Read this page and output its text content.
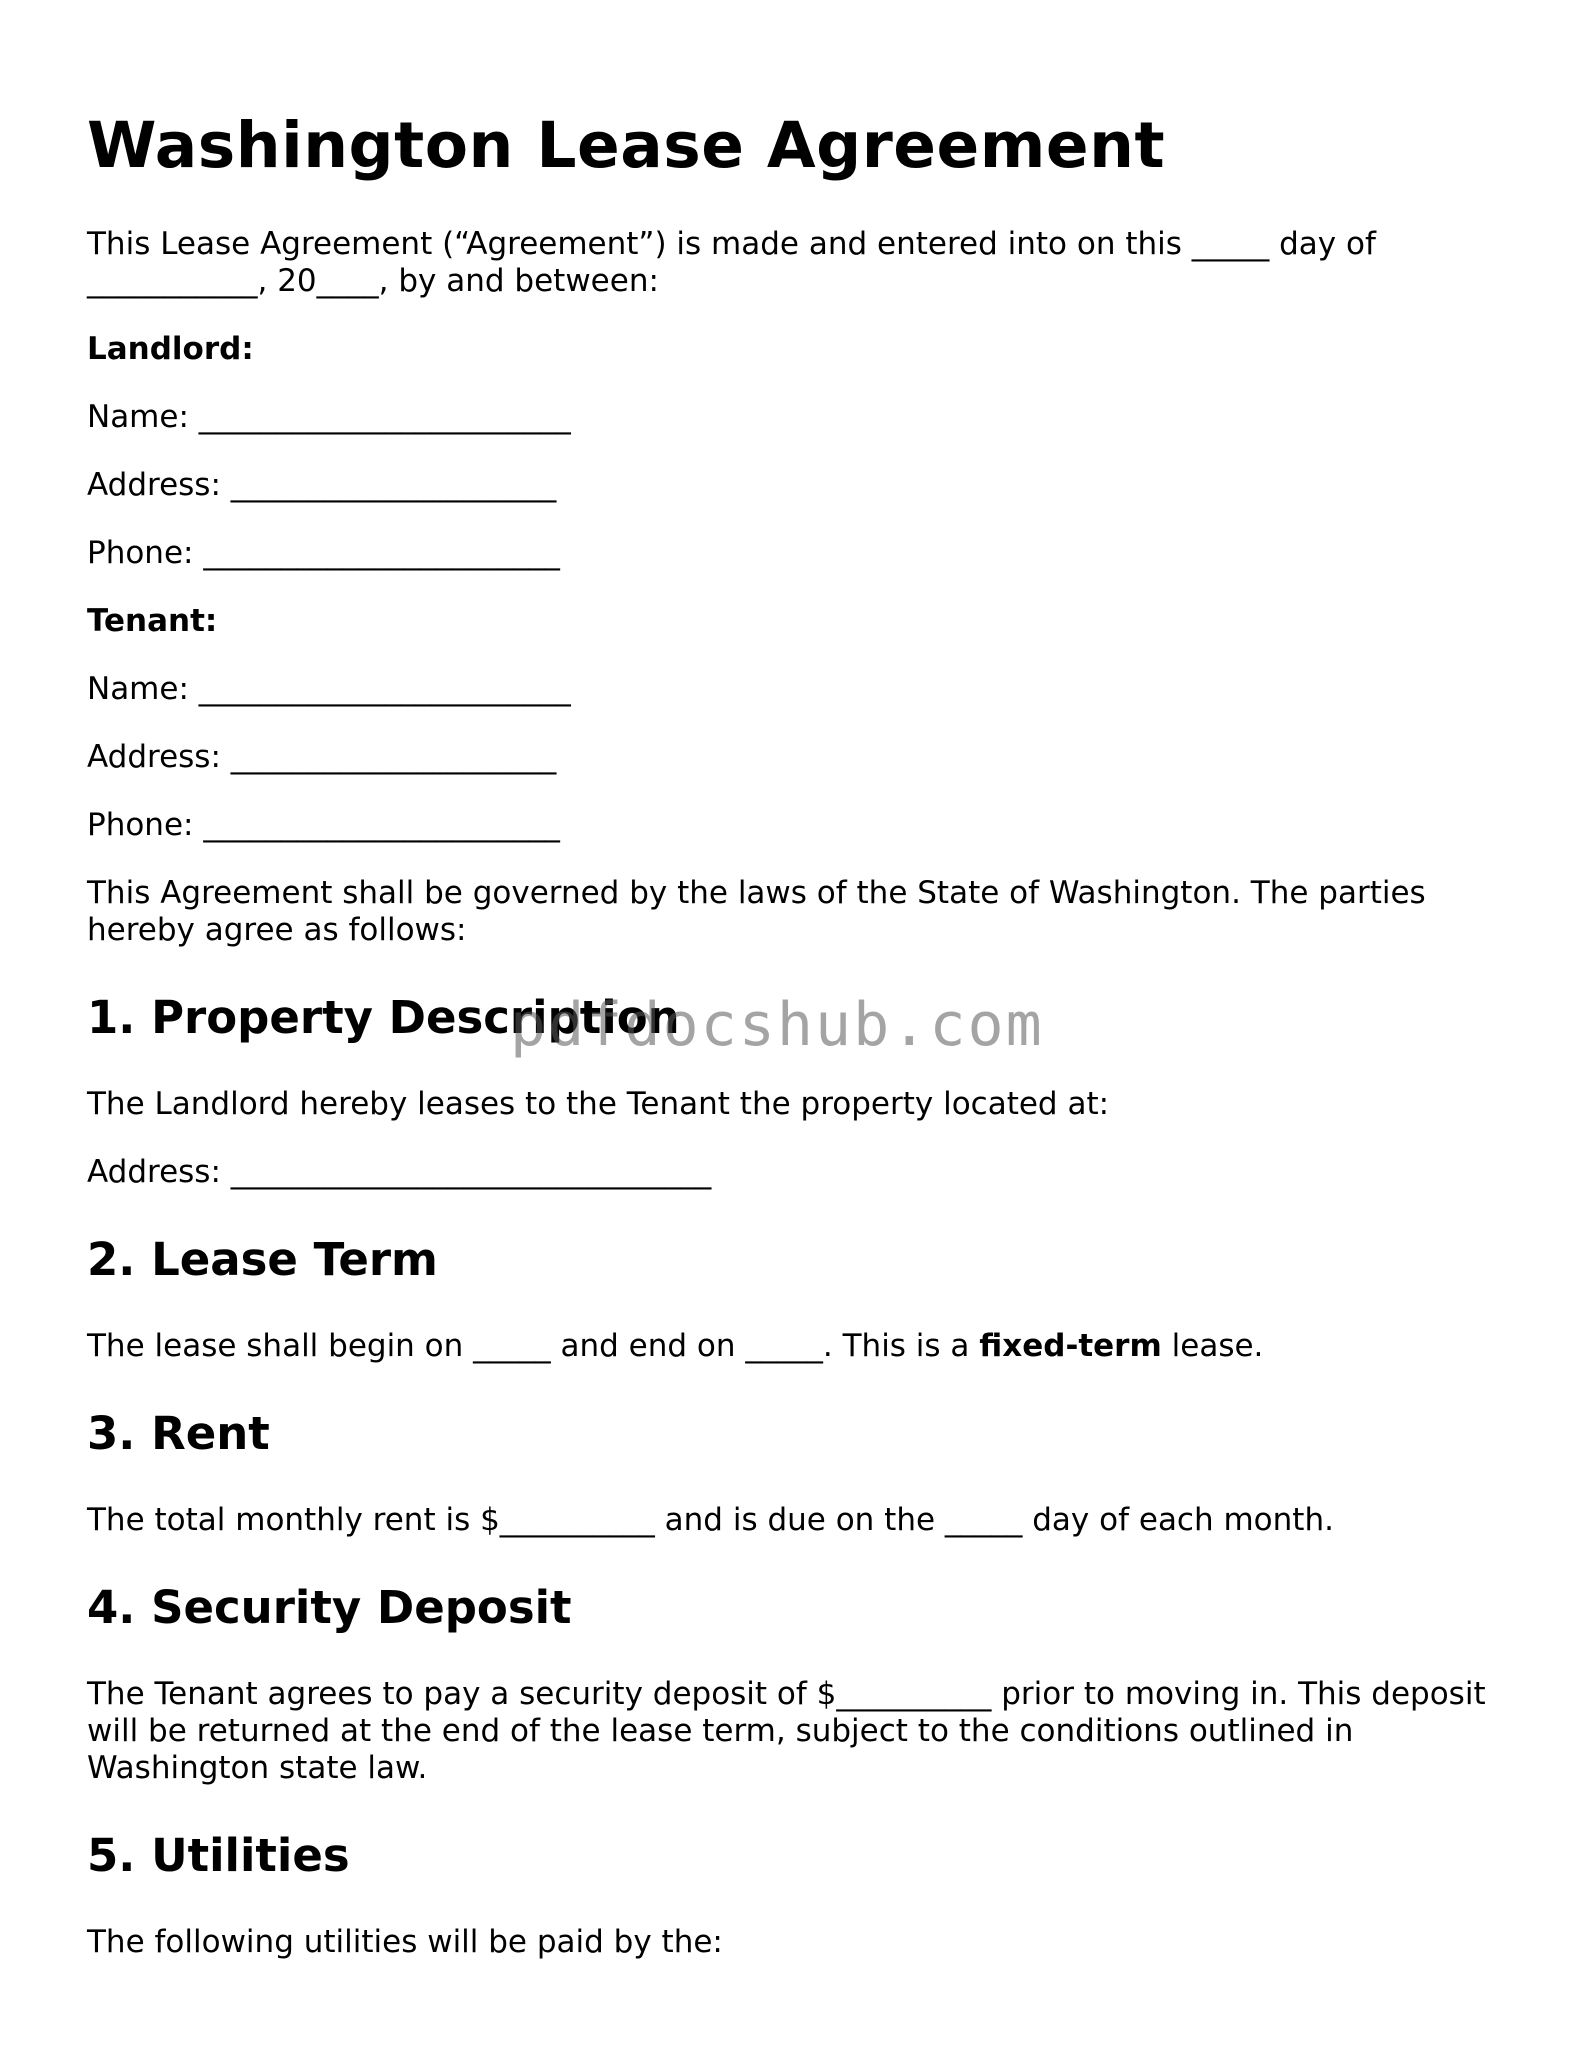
Washington Lease Agreement

This Lease Agreement (“Agreement”) is made and entered into on this _____ day of ___________, 20____, by and between:

Landlord:

Name: ________________________

Address: _____________________

Phone: _______________________

Tenant:

Name: ________________________

Address: _____________________

Phone: _______________________

This Agreement shall be governed by the laws of the State of Washington. The parties hereby agree as follows:

1. Property Description

The Landlord hereby leases to the Tenant the property located at:

Address: _______________________________

2. Lease Term

The lease shall begin on _____ and end on _____. This is a fixed-term lease.

3. Rent

The total monthly rent is $__________ and is due on the _____ day of each month.

4. Security Deposit

The Tenant agrees to pay a security deposit of $__________ prior to moving in. This deposit will be returned at the end of the lease term, subject to the conditions outlined in Washington state law.

5. Utilities

The following utilities will be paid by the:

pdfdocshub.com
